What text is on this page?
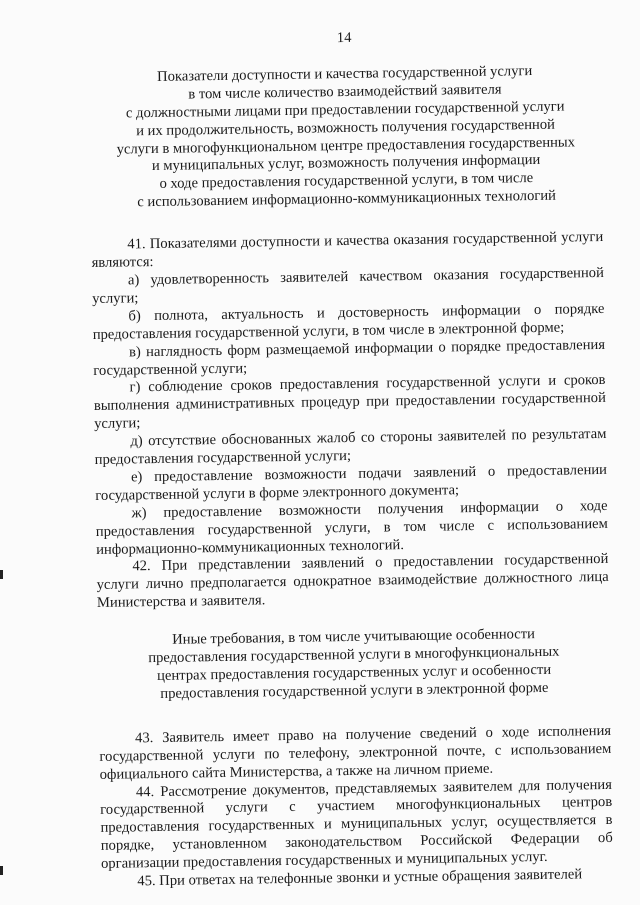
14
Показатели доступности и качества государственной услуги
в том числе количество взаимодействий заявителя
с должностными лицами при предоставлении государственной услуги
и их продолжительность, возможность получения государственной
услуги в многофункциональном центре предоставления государственных
и муниципальных услуг, возможность получения информации
о ходе предоставления государственной услуги, в том числе
с использованием информационно-коммуникационных технологий

41. Показателями доступности и качества оказания государственной услуги являются:

а) удовлетворенность заявителей качеством оказания государственной услуги;

б) полнота, актуальность и достоверность информации о порядке предоставления государственной услуги, в том числе в электронной форме;

в) наглядность форм размещаемой информации о порядке предоставления государственной услуги;

г) соблюдение сроков предоставления государственной услуги и сроков выполнения административных процедур при предоставлении государственной услуги;

д) отсутствие обоснованных жалоб со стороны заявителей по результатам предоставления государственной услуги;

е) предоставление возможности подачи заявлений о предоставлении государственной услуги в форме электронного документа;

ж) предоставление возможности получения информации о ходе предоставления государственной услуги, в том числе с использованием информационно-коммуникационных технологий.

42. При представлении заявлений о предоставлении государственной услуги лично предполагается однократное взаимодействие должностного лица Министерства и заявителя.

Иные требования, в том числе учитывающие особенности
предоставления государственной услуги в многофункциональных
центрах предоставления государственных услуг и особенности
предоставления государственной услуги в электронной форме

43. Заявитель имеет право на получение сведений о ходе исполнения государственной услуги по телефону, электронной почте, с использованием официального сайта Министерства, а также на личном приеме.

44. Рассмотрение документов, представляемых заявителем для получения государственной услуги с участием многофункциональных центров предоставления государственных и муниципальных услуг, осуществляется в порядке, установленном законодательством Российской Федерации об организации предоставления государственных и муниципальных услуг.

45. При ответах на телефонные звонки и устные обращения заявителей
